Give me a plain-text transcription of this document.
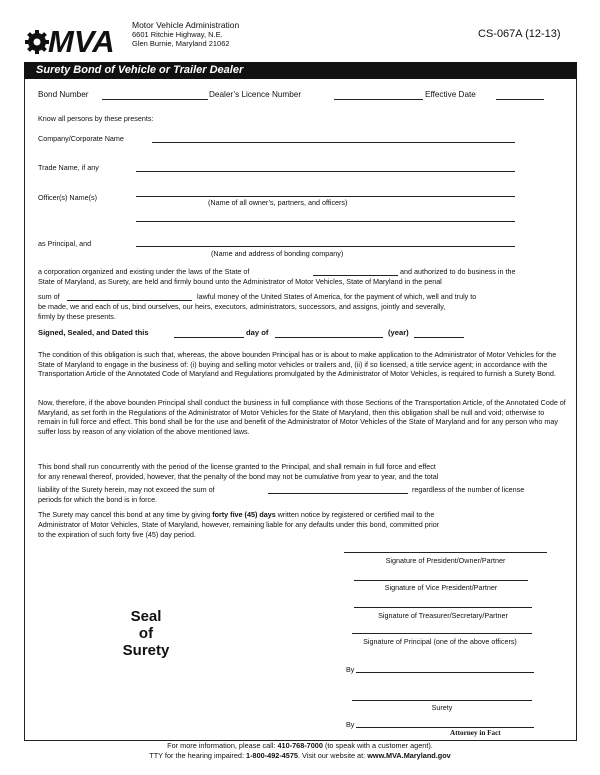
MVA Motor Vehicle Administration
6601 Ritchie Highway, N.E.
Glen Burnie, Maryland 21062
CS-067A (12-13)
Surety Bond of Vehicle or Trailer Dealer
Bond Number	Dealer’s Licence Number	Effective Date
Know all persons by these presents:
Company/Corporate Name
Trade Name, if any
Officer(s) Name(s)
(Name of all owner’s, partners, and officers)
as Principal, and
(Name and address of bonding company)
a corporation organized and existing under the laws of the State of	and authorized to do business in the
State of Maryland, as Surety, are held and firmly bound unto the Administrator of Motor Vehicles, State of Maryland in the penal
sum of	lawful money of the United States of America, for the payment of which, well and truly to
be made, we and each of us, bind ourselves, our heirs, executors, administrators, successors, and assigns, jointly and severally,
firmly by these presents.
Signed, Sealed, and Dated this	day of	(year)
The condition of this obligation is such that, whereas, the above bounden Principal has or is about to make application to the Administrator of Motor Vehicles for the State of Maryland to engage in the business of: (i) buying and selling motor vehicles or trailers and, (ii) if so licensed, a title service agent; in accordance with the Transportation Article of the Annotated Code of Maryland and Regulations promulgated by the Administrator of Motor Vehicles, is required to furnish a Surety Bond.
Now, therefore, if the above bounden Principal shall conduct the business in full compliance with those Sections of the Transportation Article, of the Annotated Code of Maryland, as set forth in the Regulations of the Administrator of Motor Vehicles for the State of Maryland, then this obligation shall be null and void; otherwise to remain in full force and effect. This bond shall be for the use and benefit of the Administrator of Motor Vehicles of the State of Maryland and for any person who may suffer loss by reason of any violation of the above mentioned laws.
This bond shall run concurrently with the period of the license granted to the Principal, and shall remain in full force and effect
for any renewal thereof, provided, however, that the penalty of the bond may not be cumulative from year to year, and the total
liability of the Surety herein, may not exceed the sum of	regardless of the number of license
periods for which the bond is in force.
The Surety may cancel this bond at any time by giving forty five (45) days written notice by registered or certified mail to the
Administrator of Motor Vehicles, State of Maryland, however, remaining liable for any defaults under this bond, committed prior
to the expiration of such forty five (45) day period.
Signature of President/Owner/Partner
Signature of Vice President/Partner
Signature of Treasurer/Secretary/Partner
Signature of Principal (one of the above officers)
By
Surety
By
Attorney in Fact
Seal
of
Surety
For more information, please call: 410-768-7000 (to speak with a customer agent).
TTY for the hearing impaired: 1-800-492-4575. Visit our website at: www.MVA.Maryland.gov
